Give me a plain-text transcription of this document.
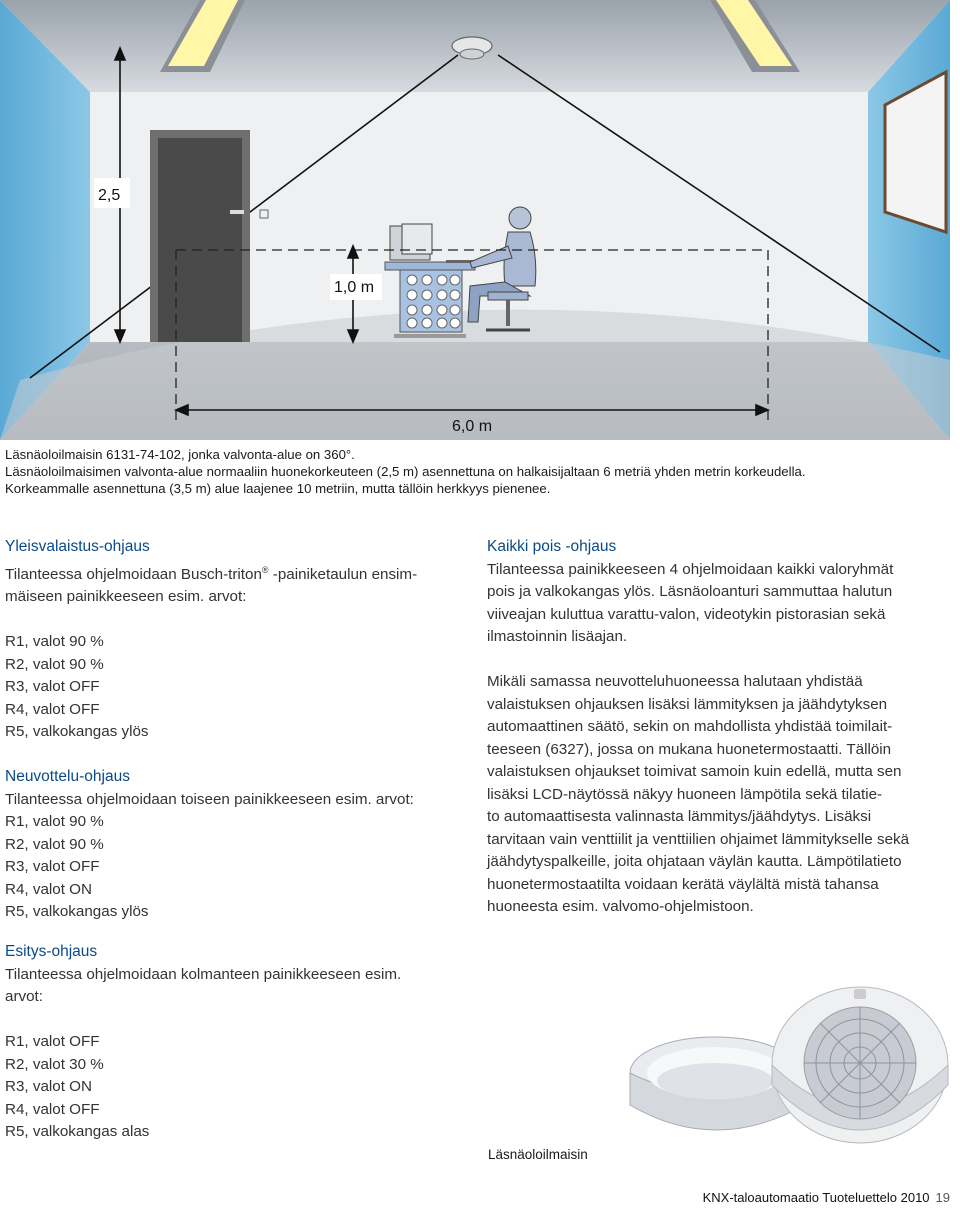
2,5
1,0 m
6,0 m
Läsnäoloilmaisin 6131-74-102, jonka valvonta-alue on 360°.
Läsnäoloilmaisimen valvonta-alue normaaliin huonekorkeuteen (2,5 m) asennettuna on halkaisijaltaan 6 metriä yhden metrin korkeudella.
Korkeammalle asennettuna (3,5 m) alue laajenee 10 metriin, mutta tällöin herkkyys pienenee.

Yleisvalaistus-ohjaus

Tilanteessa ohjelmoidaan Busch-triton® -painiketaulun ensim-

mäiseen painikkeeseen esim. arvot:

R1, valot 90 %

R2, valot 90 %

R3, valot OFF

R4, valot OFF

R5, valkokangas ylös

Neuvottelu-ohjaus

Tilanteessa ohjelmoidaan toiseen painikkeeseen esim. arvot:

R1, valot 90 %

R2, valot 90 %

R3, valot OFF

R4, valot ON

R5, valkokangas ylös

Esitys-ohjaus

Tilanteessa ohjelmoidaan kolmanteen painikkeeseen esim.

arvot:

R1, valot OFF

R2, valot 30 %

R3, valot ON

R4, valot OFF

R5, valkokangas alas

Kaikki pois -ohjaus

Tilanteessa painikkeeseen 4 ohjelmoidaan kaikki valoryhmät

pois ja valkokangas ylös. Läsnäoloanturi sammuttaa halutun

viiveajan kuluttua varattu-valon, videotykin pistorasian sekä

ilmastoinnin lisäajan.

Mikäli samassa neuvotteluhuoneessa halutaan yhdistää

valaistuksen ohjauksen lisäksi lämmityksen ja jäähdytyksen

automaattinen säätö, sekin on mahdollista yhdistää toimilait-

teeseen (6327), jossa on mukana huonetermostaatti. Tällöin

valaistuksen ohjaukset toimivat samoin kuin edellä, mutta sen

lisäksi LCD-näytössä näkyy huoneen lämpötila sekä tilatie-

to automaattisesta valinnasta lämmitys/jäähdytys. Lisäksi

tarvitaan vain venttiilit ja venttiilien ohjaimet lämmitykselle sekä

jäähdytyspalkeille, joita ohjataan väylän kautta. Lämpötilatieto

huonetermostaatilta voidaan kerätä väylältä mistä tahansa

huoneesta esim. valvomo-ohjelmistoon.

Läsnäoloilmaisin
KNX-taloautomaatio Tuoteluettelo 2010 19
